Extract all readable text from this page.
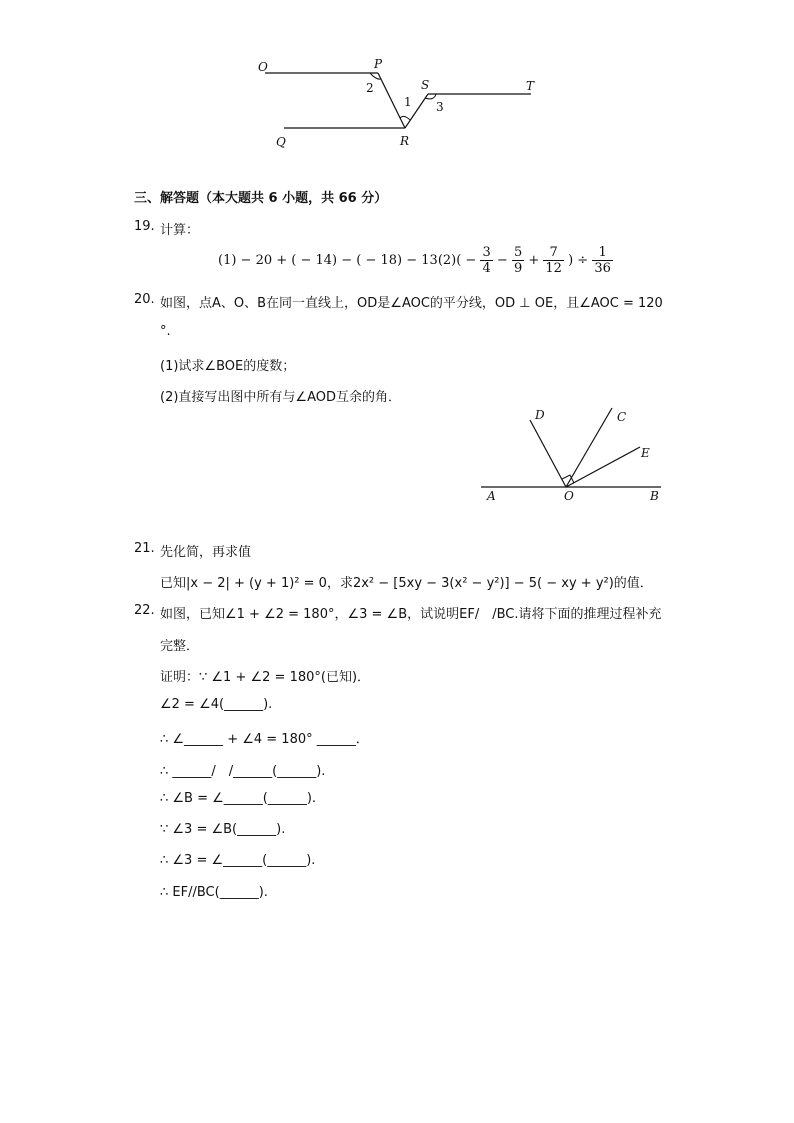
O	P
S	T
Q	R
2
1 3
三、解答题（本大题共 6 小题，共 66 分）
19. 计算：
(1) − 20 + ( − 14) − ( − $18) - 13(2)( - \frac{3}{4} - \frac{5}{9} + \frac{7}{12}$ ) ÷ $\frac{1}{36}$
20. 如图，点A、O、B在同一直线上，OD是∠AOC的平分线，OD ⊥ OE，且∠AOC = 120
°.
(1)试求∠BOE的度数；
(2)直接写出图中所有与∠AOD互余的角．
D	C
E
A	O	B
21. 先化简，再求值
已知|x − 2| + (y + 1)² = 0，求2x² − [5xy − 3(x² − y²)] − 5( − xy + y²)的值．
22. 如图，已知∠1 + ∠2 = 180°，∠3 = ∠B，试说明EF/　/BC.请将下面的推理过程补充
完整．
证明：∵ ∠1 + ∠2 = 180°(已知)．
∠2 = ∠4(______).
∴ ∠______ + ∠4 = 180° ______．
∴ ______/　/______(______).
∴ ∠B = ∠______(______).
∵ ∠3 = ∠B(______).
∴ ∠3 = ∠______(______).
∴ EF//BC(______).
